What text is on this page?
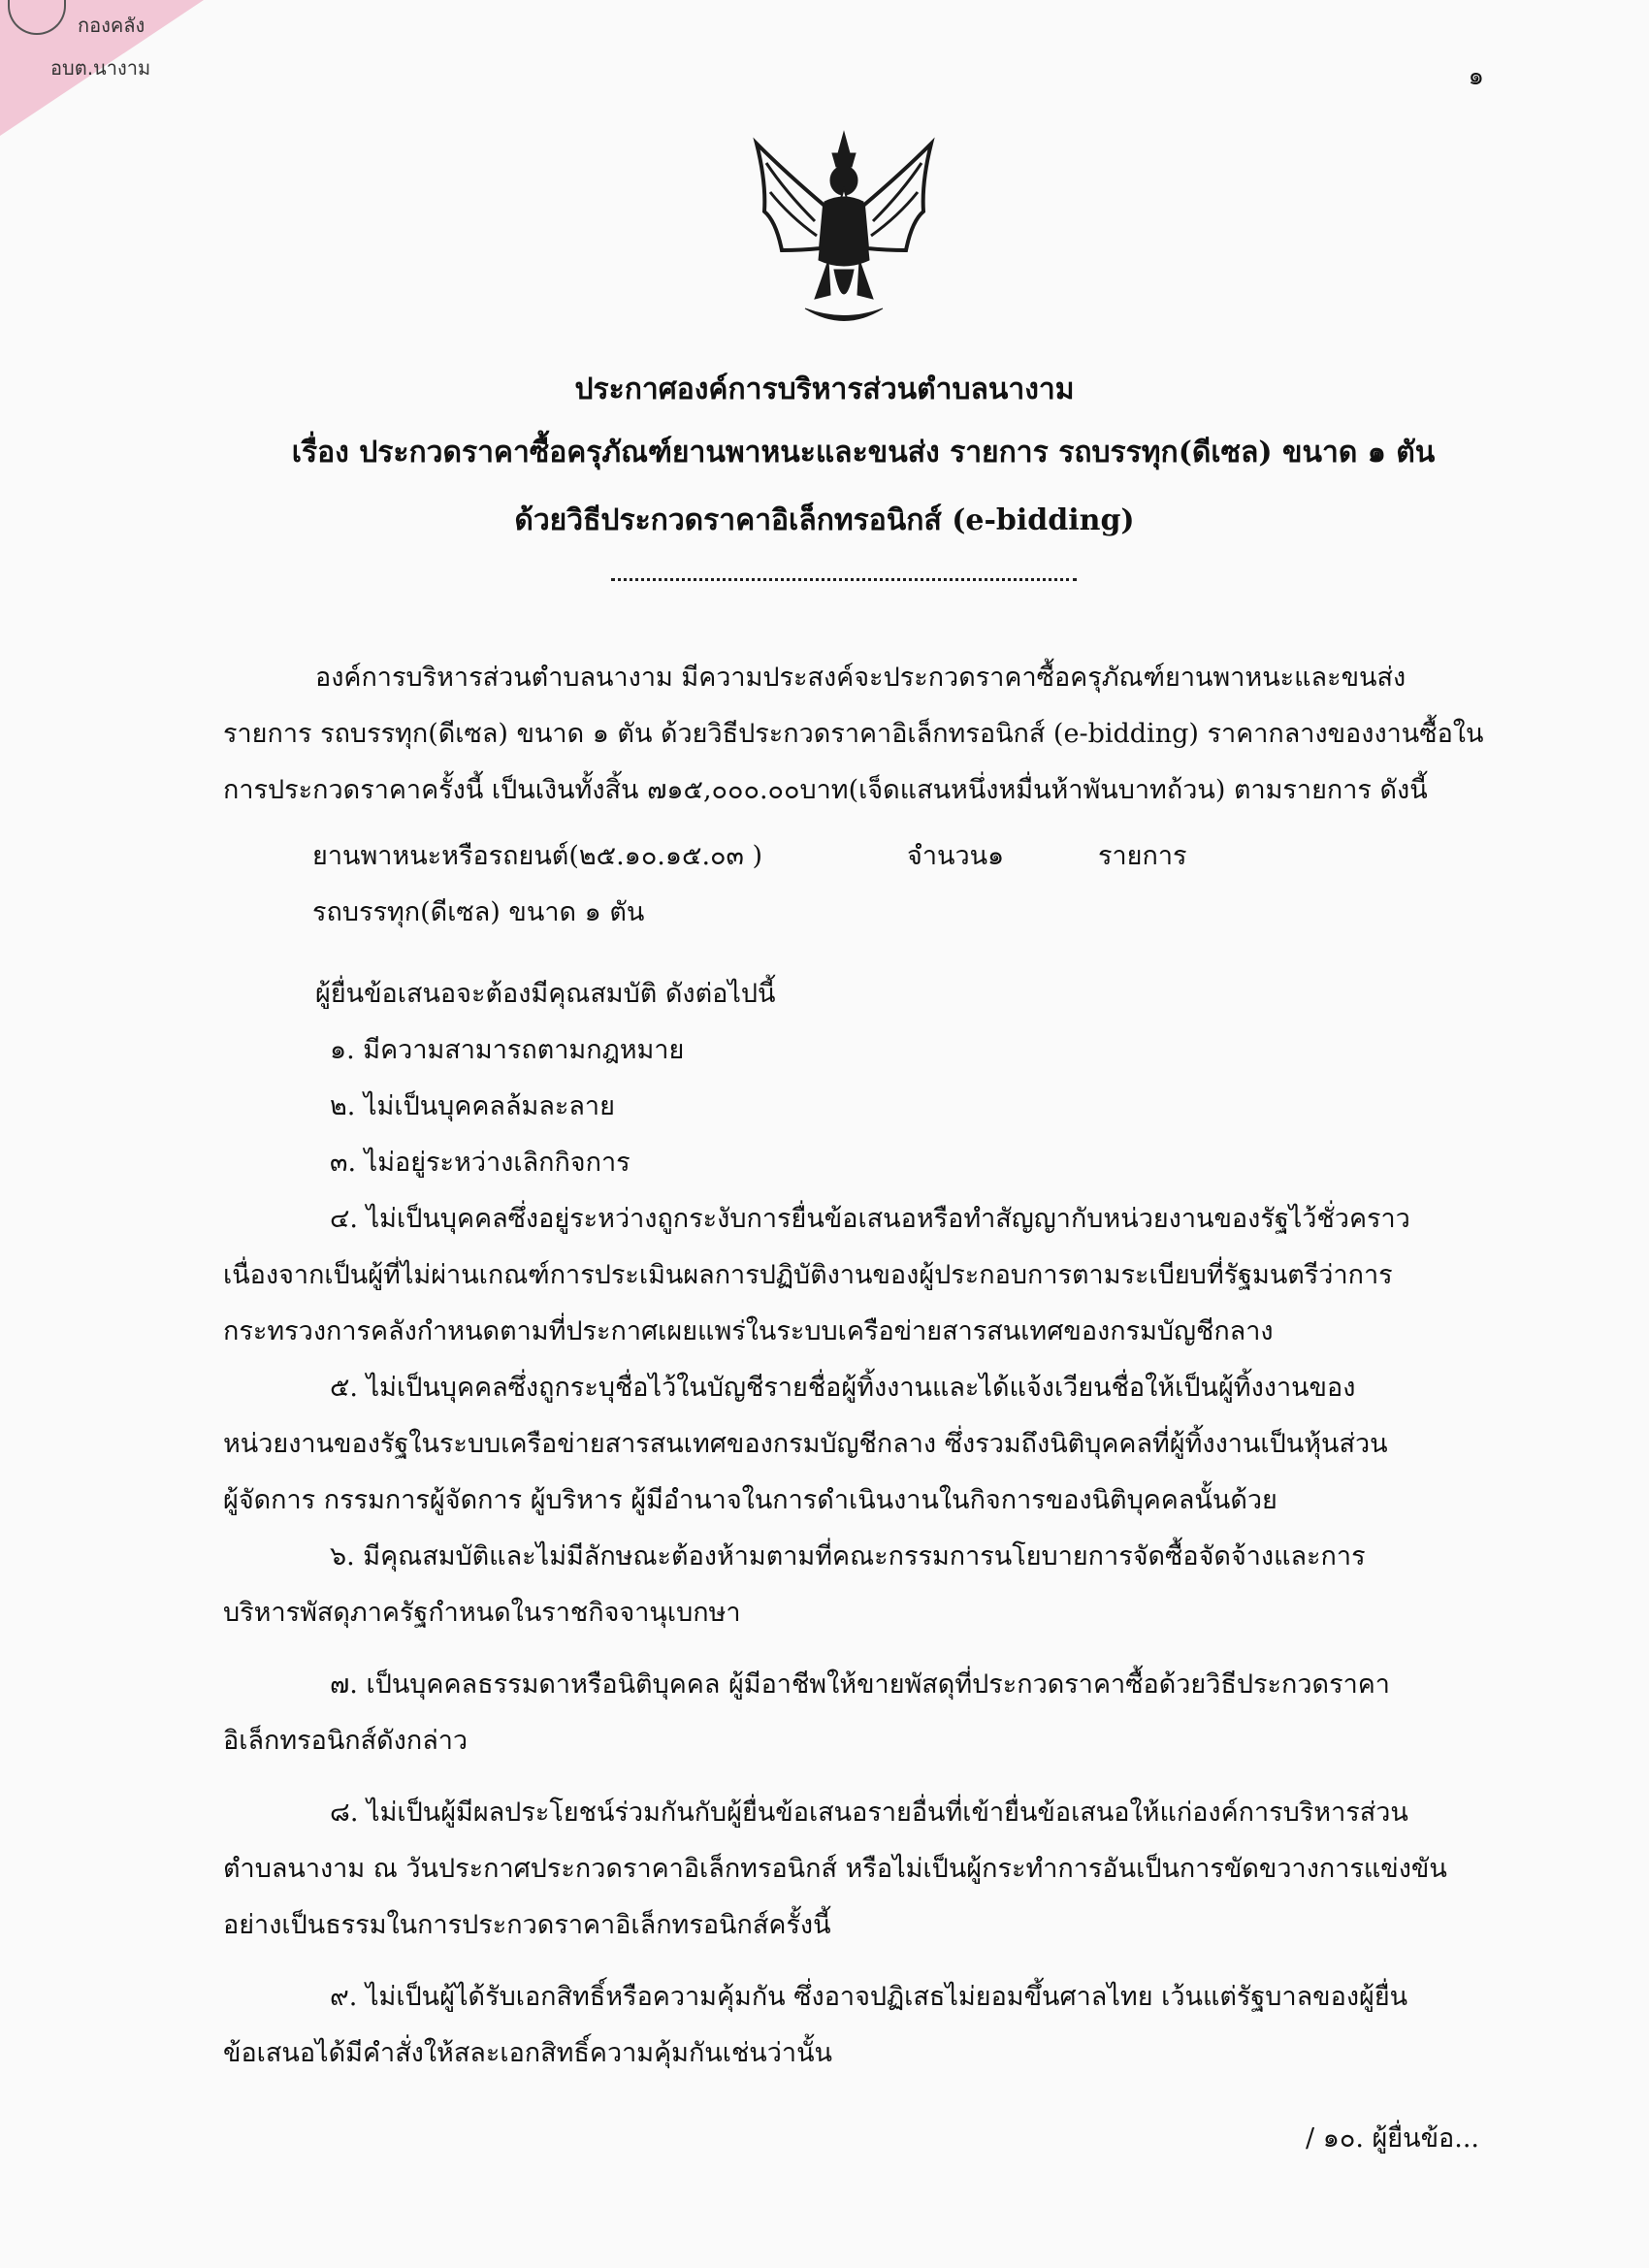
กองคลัง
อบต.นางาม	๑
ประกาศองค์การบริหารส่วนตำบลนางาม
เรื่อง ประกวดราคาซื้อครุภัณฑ์ยานพาหนะและขนส่ง รายการ รถบรรทุก(ดีเซล) ขนาด ๑ ตัน
ด้วยวิธีประกวดราคาอิเล็กทรอนิกส์ (e-bidding)
องค์การบริหารส่วนตำบลนางาม มีความประสงค์จะประกวดราคาซื้อครุภัณฑ์ยานพาหนะและขนส่ง
รายการ รถบรรทุก(ดีเซล) ขนาด ๑ ตัน ด้วยวิธีประกวดราคาอิเล็กทรอนิกส์ (e-bidding) ราคากลางของงานซื้อใน
การประกวดราคาครั้งนี้ เป็นเงินทั้งสิ้น ๗๑๕,๐๐๐.๐๐บาท(เจ็ดแสนหนึ่งหมื่นห้าพันบาทถ้วน) ตามรายการ ดังนี้
ยานพาหนะหรือรถยนต์(๒๕.๑๐.๑๕.๐๓ )	จำนวน๑	รายการ
รถบรรทุก(ดีเซล) ขนาด ๑ ตัน
ผู้ยื่นข้อเสนอจะต้องมีคุณสมบัติ ดังต่อไปนี้
๑. มีความสามารถตามกฎหมาย
๒. ไม่เป็นบุคคลล้มละลาย
๓. ไม่อยู่ระหว่างเลิกกิจการ
๔. ไม่เป็นบุคคลซึ่งอยู่ระหว่างถูกระงับการยื่นข้อเสนอหรือทำสัญญากับหน่วยงานของรัฐไว้ชั่วคราว
เนื่องจากเป็นผู้ที่ไม่ผ่านเกณฑ์การประเมินผลการปฏิบัติงานของผู้ประกอบการตามระเบียบที่รัฐมนตรีว่าการ
กระทรวงการคลังกำหนดตามที่ประกาศเผยแพร่ในระบบเครือข่ายสารสนเทศของกรมบัญชีกลาง
๕. ไม่เป็นบุคคลซึ่งถูกระบุชื่อไว้ในบัญชีรายชื่อผู้ทิ้งงานและได้แจ้งเวียนชื่อให้เป็นผู้ทิ้งงานของ
หน่วยงานของรัฐในระบบเครือข่ายสารสนเทศของกรมบัญชีกลาง ซึ่งรวมถึงนิติบุคคลที่ผู้ทิ้งงานเป็นหุ้นส่วน
ผู้จัดการ กรรมการผู้จัดการ ผู้บริหาร ผู้มีอำนาจในการดำเนินงานในกิจการของนิติบุคคลนั้นด้วย
๖. มีคุณสมบัติและไม่มีลักษณะต้องห้ามตามที่คณะกรรมการนโยบายการจัดซื้อจัดจ้างและการ
บริหารพัสดุภาครัฐกำหนดในราชกิจจานุเบกษา
๗. เป็นบุคคลธรรมดาหรือนิติบุคคล ผู้มีอาชีพให้ขายพัสดุที่ประกวดราคาซื้อด้วยวิธีประกวดราคา
อิเล็กทรอนิกส์ดังกล่าว
๘. ไม่เป็นผู้มีผลประโยชน์ร่วมกันกับผู้ยื่นข้อเสนอรายอื่นที่เข้ายื่นข้อเสนอให้แก่องค์การบริหารส่วน
ตำบลนางาม ณ วันประกาศประกวดราคาอิเล็กทรอนิกส์ หรือไม่เป็นผู้กระทำการอันเป็นการขัดขวางการแข่งขัน
อย่างเป็นธรรมในการประกวดราคาอิเล็กทรอนิกส์ครั้งนี้
๙. ไม่เป็นผู้ได้รับเอกสิทธิ์หรือความคุ้มกัน ซึ่งอาจปฏิเสธไม่ยอมขึ้นศาลไทย เว้นแต่รัฐบาลของผู้ยื่น
ข้อเสนอได้มีคำสั่งให้สละเอกสิทธิ์ความคุ้มกันเช่นว่านั้น
/ ๑๐. ผู้ยื่นข้อ...
